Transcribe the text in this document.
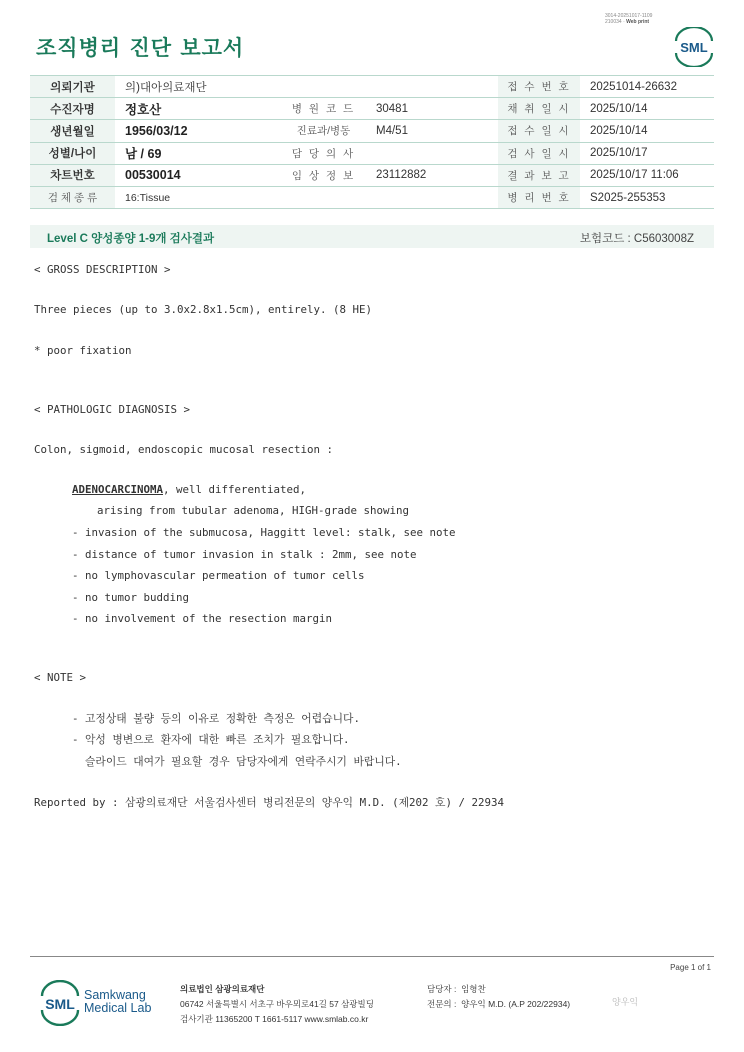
조직병리 진단 보고서
3014-20251017-1109
210034 · Web print
SML
의뢰기관	의)대아의료재단			접 수 번 호	20251014-26632
수진자명	정호산	병 원 코 드	30481	채 취 일 시	2025/10/14
생년월일	1956/03/12	진료과/병동	M4/51	접 수 일 시	2025/10/14
성별/나이	남 / 69	담 당 의 사		검 사 일 시	2025/10/17
차트번호	00530014	임 상 정 보	23112882	결 과 보 고	2025/10/17 11:06
검 체 종 류	16:Tissue			병 리 번 호	S2025-255353
Level C 양성종양 1-9개 검사결과	보험코드 : C5603008Z
< GROSS DESCRIPTION >
Three pieces (up to 3.0x2.8x1.5cm), entirely. (8 HE)
* poor fixation
< PATHOLOGIC DIAGNOSIS >
Colon, sigmoid, endoscopic mucosal resection :
ADENOCARCINOMA, well differentiated,
arising from tubular adenoma, HIGH-grade showing
- invasion of the submucosa, Haggitt level: stalk, see note
- distance of tumor invasion in stalk : 2mm, see note
- no lymphovascular permeation of tumor cells
- no tumor budding
- no involvement of the resection margin
< NOTE >
- 고정상태 불량 등의 이유로 정확한 측정은 어렵습니다.
- 악성 병변으로 환자에 대한 빠른 조치가 필요합니다.
슬라이드 대여가 필요할 경우 담당자에게 연락주시기 바랍니다.
Reported by : 삼광의료재단 서울검사센터 병리전문의 양우익 M.D. (제202 호) / 22934
Page 1 of 1
SML
Samkwang
Medical Lab
의료법인 삼광의료재단
06742 서울특별시 서초구 바우뫼로41길 57 삼광빌딩
검사기관 11365200 T 1661-5117 www.smlab.co.kr
담당자 : 임형찬
전문의 : 양우익 M.D. (A.P 202/22934)	양우익
